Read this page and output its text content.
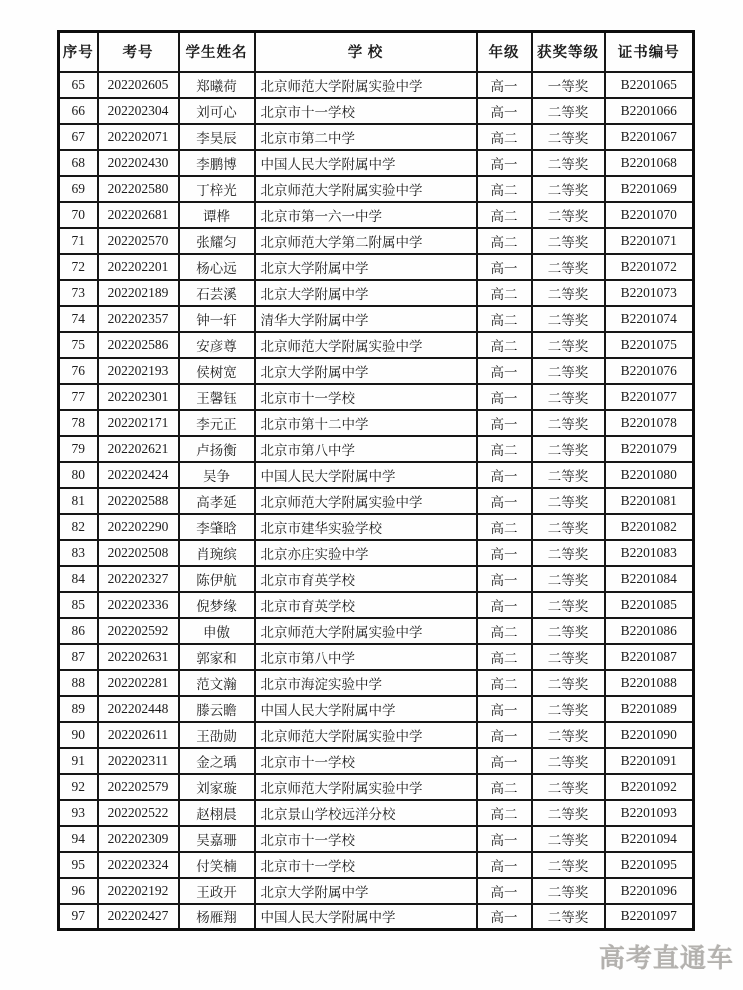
序号	考号	学生姓名	学 校	年级	获奖等级	证书编号
65	202202605	郑曦荷	北京师范大学附属实验中学	高一	一等奖	B2201065
66	202202304	刘可心	北京市十一学校	高一	二等奖	B2201066
67	202202071	李昊辰	北京市第二中学	高二	二等奖	B2201067
68	202202430	李鹏博	中国人民大学附属中学	高一	二等奖	B2201068
69	202202580	丁梓光	北京师范大学附属实验中学	高二	二等奖	B2201069
70	202202681	谭桦	北京市第一六一中学	高二	二等奖	B2201070
71	202202570	张耀匀	北京师范大学第二附属中学	高二	二等奖	B2201071
72	202202201	杨心远	北京大学附属中学	高一	二等奖	B2201072
73	202202189	石芸溪	北京大学附属中学	高二	二等奖	B2201073
74	202202357	钟一轩	清华大学附属中学	高二	二等奖	B2201074
75	202202586	安彦尊	北京师范大学附属实验中学	高二	二等奖	B2201075
76	202202193	侯树宽	北京大学附属中学	高一	二等奖	B2201076
77	202202301	王馨钰	北京市十一学校	高一	二等奖	B2201077
78	202202171	李元正	北京市第十二中学	高一	二等奖	B2201078
79	202202621	卢扬衡	北京市第八中学	高二	二等奖	B2201079
80	202202424	吴争	中国人民大学附属中学	高一	二等奖	B2201080
81	202202588	高孝延	北京师范大学附属实验中学	高一	二等奖	B2201081
82	202202290	李肇晗	北京市建华实验学校	高二	二等奖	B2201082
83	202202508	肖琬缤	北京亦庄实验中学	高一	二等奖	B2201083
84	202202327	陈伊航	北京市育英学校	高一	二等奖	B2201084
85	202202336	倪梦缘	北京市育英学校	高一	二等奖	B2201085
86	202202592	申傲	北京师范大学附属实验中学	高二	二等奖	B2201086
87	202202631	郭家和	北京市第八中学	高二	二等奖	B2201087
88	202202281	范文瀚	北京市海淀实验中学	高二	二等奖	B2201088
89	202202448	滕云瞻	中国人民大学附属中学	高一	二等奖	B2201089
90	202202611	王劭勋	北京师范大学附属实验中学	高一	二等奖	B2201090
91	202202311	金之瑀	北京市十一学校	高一	二等奖	B2201091
92	202202579	刘家璇	北京师范大学附属实验中学	高二	二等奖	B2201092
93	202202522	赵栩晨	北京景山学校远洋分校	高二	二等奖	B2201093
94	202202309	吴嘉珊	北京市十一学校	高一	二等奖	B2201094
95	202202324	付笑楠	北京市十一学校	高一	二等奖	B2201095
96	202202192	王政开	北京大学附属中学	高一	二等奖	B2201096
97	202202427	杨雁翔	中国人民大学附属中学	高一	二等奖	B2201097
高考直通车
